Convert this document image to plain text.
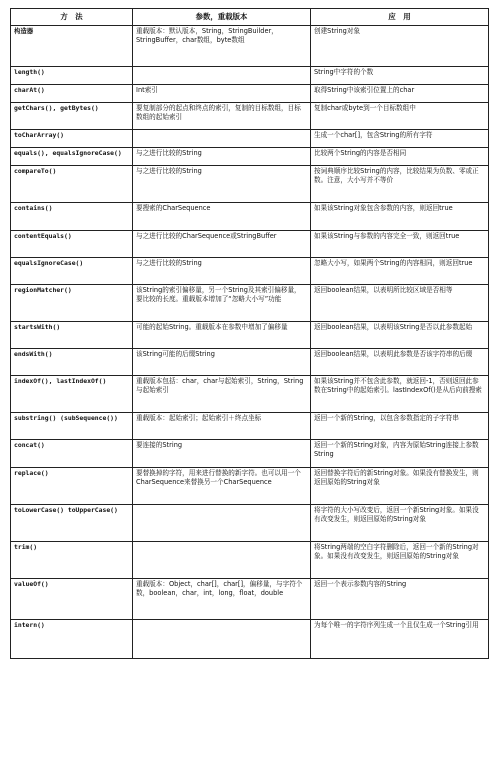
方　法	参数，重载版本	应　用
构造器	重载版本：默认版本，String，StringBuilder，StringBuffer，char数组，byte数组	创建String对象
length()		String中字符的个数
charAt()	Int索引	取得String中该索引位置上的char
getChars(), getBytes()	要复制部分的起点和终点的索引，复制的目标数组，目标数组的起始索引	复制char或byte到一个目标数组中
toCharArray()		生成一个char[]，包含String的所有字符
equals(), equalsIgnoreCase()	与之进行比较的String	比较两个String的内容是否相同
compareTo()	与之进行比较的String	按词典顺序比较String的内容，比较结果为负数、零或正数。注意，大小写并不等价
contains()	要搜索的CharSequence	如果该String对象包含参数的内容，则返回true
contentEquals()	与之进行比较的CharSequence或StringBuffer	如果该String与参数的内容完全一致，则返回true
equalsIgnoreCase()	与之进行比较的String	忽略大小写，如果两个String的内容相同，则返回true
regionMatcher()	该String的索引偏移量，另一个String及其索引偏移量，要比较的长度。重载版本增加了“忽略大小写”功能	返回boolean结果，以表明所比较区域是否相等
startsWith()	可能的起始String。重载版本在参数中增加了偏移量	返回boolean结果，以表明该String是否以此参数起始
endsWith()	该String可能的后缀String	返回boolean结果，以表明此参数是否该字符串的后缀
indexOf(), lastIndexOf()	重载版本包括：char，char与起始索引，String，String与起始索引	如果该String并不包含此参数，就返回-1，否则返回此参数在String中的起始索引。lastIndexOf()是从后向前搜索
substring() (subSequence())	重载版本：起始索引；起始索引＋终点坐标	返回一个新的String，以包含参数指定的子字符串
concat()	要连接的String	返回一个新的String对象，内容为原始String连接上参数String
replace()	要替换掉的字符，用来进行替换的新字符。也可以用一个CharSequence来替换另一个CharSequence	返回替换字符后的新String对象。如果没有替换发生，则返回原始的String对象
toLowerCase() toUpperCase()		将字符的大小写改变后，返回一个新String对象。如果没有改变发生，则返回原始的String对象
trim()		将String两端的空白字符删除后，返回一个新的String对象。如果没有改变发生，则返回原始的String对象
valueOf()	重载版本：Object，char[]，char[]，偏移量，与字符个数，boolean，char，int，long，float，double	返回一个表示参数内容的String
intern()		为每个唯一的字符序列生成一个且仅生成一个String引用
